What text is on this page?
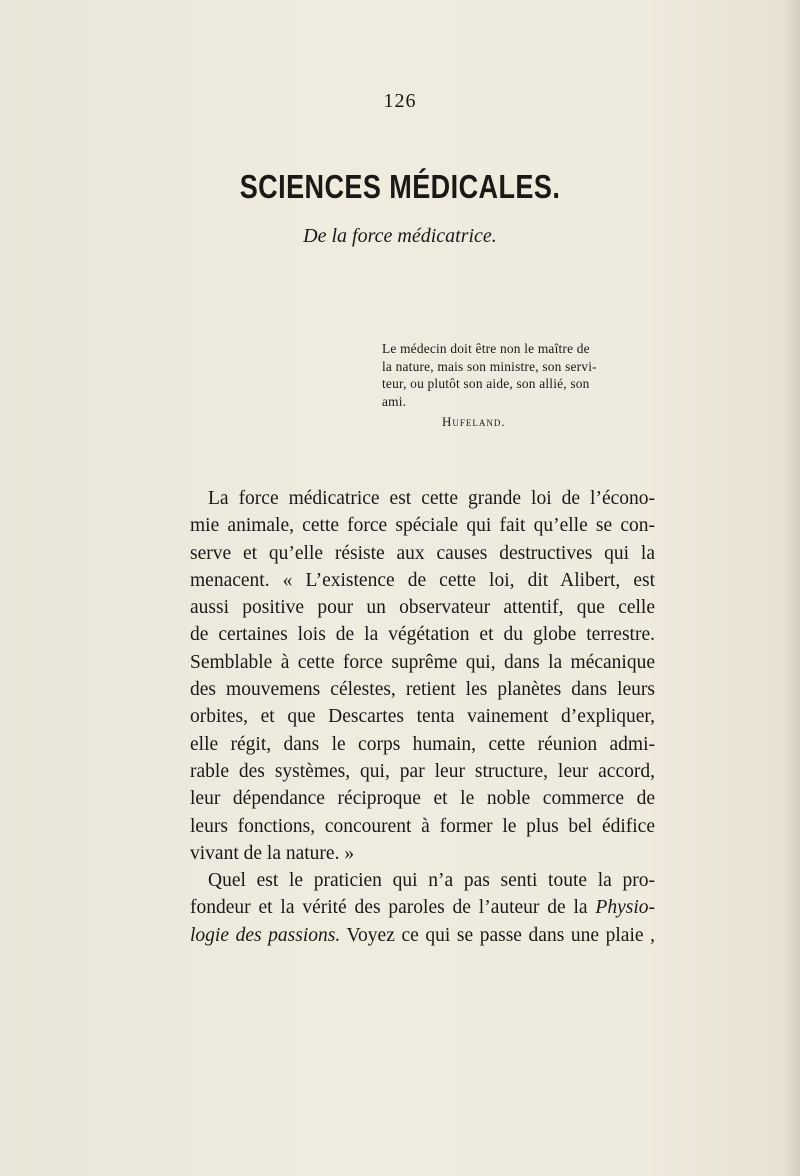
126
SCIENCES MÉDICALES.
De la force médicatrice.
Le médecin doit être non le maître de
la nature, mais son ministre, son servi-
teur, ou plutôt son aide, son allié, son
ami.
Hufeland.
La force médicatrice est cette grande loi de l’écono-
mie animale, cette force spéciale qui fait qu’elle se con-
serve et qu’elle résiste aux causes destructives qui la
menacent. « L’existence de cette loi, dit Alibert, est
aussi positive pour un observateur attentif, que celle
de certaines lois de la végétation et du globe terrestre.
Semblable à cette force suprême qui, dans la mécanique
des mouvemens célestes, retient les planètes dans leurs
orbites, et que Descartes tenta vainement d’expliquer,
elle régit, dans le corps humain, cette réunion admi-
rable des systèmes, qui, par leur structure, leur accord,
leur dépendance réciproque et le noble commerce de
leurs fonctions, concourent à former le plus bel édifice
vivant de la nature. »
Quel est le praticien qui n’a pas senti toute la pro-
fondeur et la vérité des paroles de l’auteur de la Physio-
logie des passions. Voyez ce qui se passe dans une plaie ,
